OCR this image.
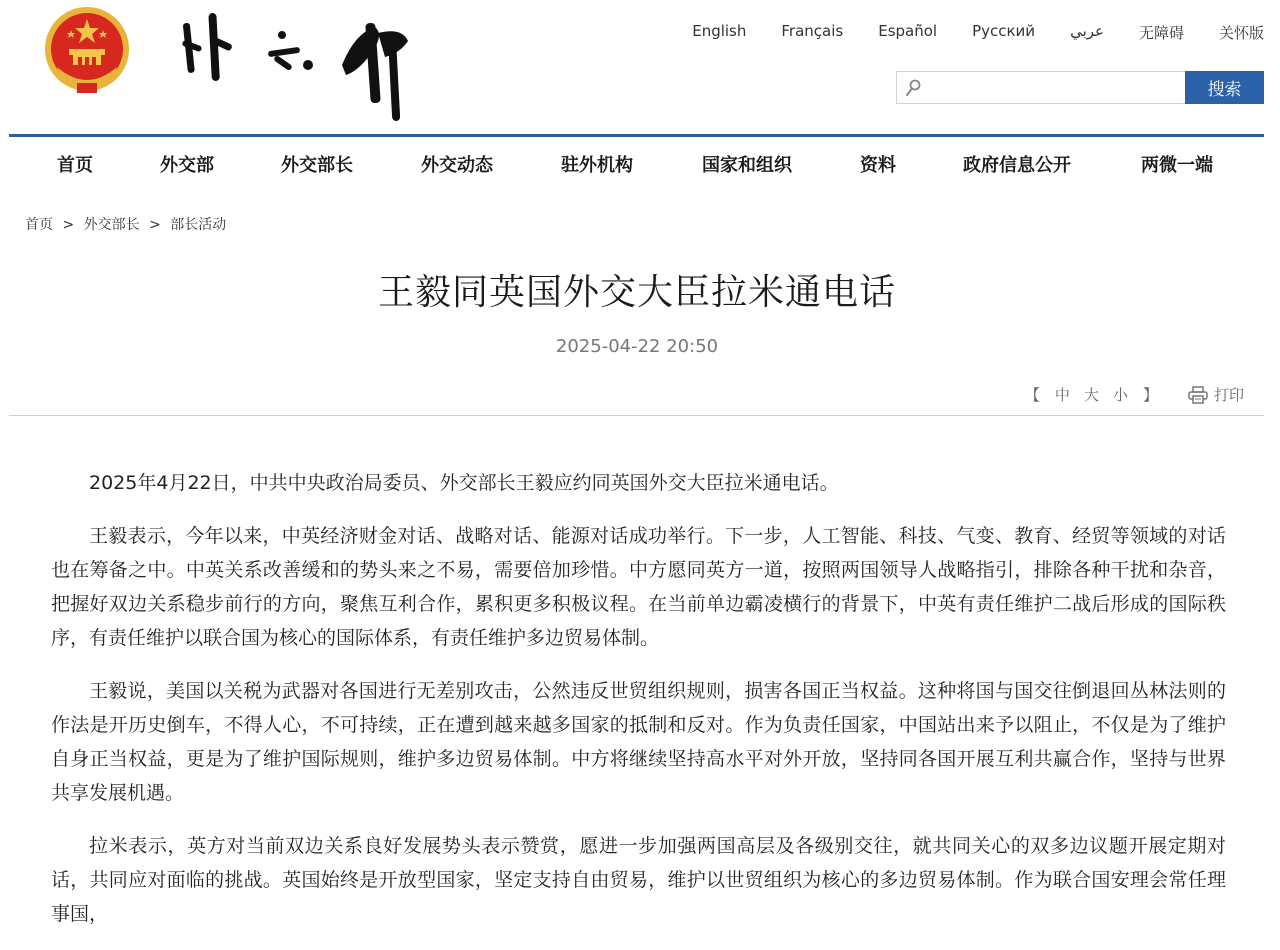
English Français Español Русский عربي 无障碍 关怀版
搜索
首页	外交部	外交部长	外交动态	驻外机构	国家和组织	资料	政府信息公开	两微一端
首页 > 外交部长 > 部长活动
王毅同英国外交大臣拉米通电话
2025-04-22 20:50
【 中 大 小 】	打印

2025年4月22日，中共中央政治局委员、外交部长王毅应约同英国外交大臣拉米通电话。

王毅表示，今年以来，中英经济财金对话、战略对话、能源对话成功举行。下一步，人工智能、科技、气变、教育、经贸等领域的对话也在筹备之中。中英关系改善缓和的势头来之不易，需要倍加珍惜。中方愿同英方一道，按照两国领导人战略指引，排除各种干扰和杂音，把握好双边关系稳步前行的方向，聚焦互利合作，累积更多积极议程。在当前单边霸凌横行的背景下，中英有责任维护二战后形成的国际秩序，有责任维护以联合国为核心的国际体系，有责任维护多边贸易体制。

王毅说，美国以关税为武器对各国进行无差别攻击，公然违反世贸组织规则，损害各国正当权益。这种将国与国交往倒退回丛林法则的作法是开历史倒车，不得人心，不可持续，正在遭到越来越多国家的抵制和反对。作为负责任国家，中国站出来予以阻止，不仅是为了维护自身正当权益，更是为了维护国际规则，维护多边贸易体制。中方将继续坚持高水平对外开放，坚持同各国开展互利共赢合作，坚持与世界共享发展机遇。

拉米表示，英方对当前双边关系良好发展势头表示赞赏，愿进一步加强两国高层及各级别交往，就共同关心的双多边议题开展定期对话，共同应对面临的挑战。英国始终是开放型国家，坚定支持自由贸易，维护以世贸组织为核心的多边贸易体制。作为联合国安理会常任理事国，
